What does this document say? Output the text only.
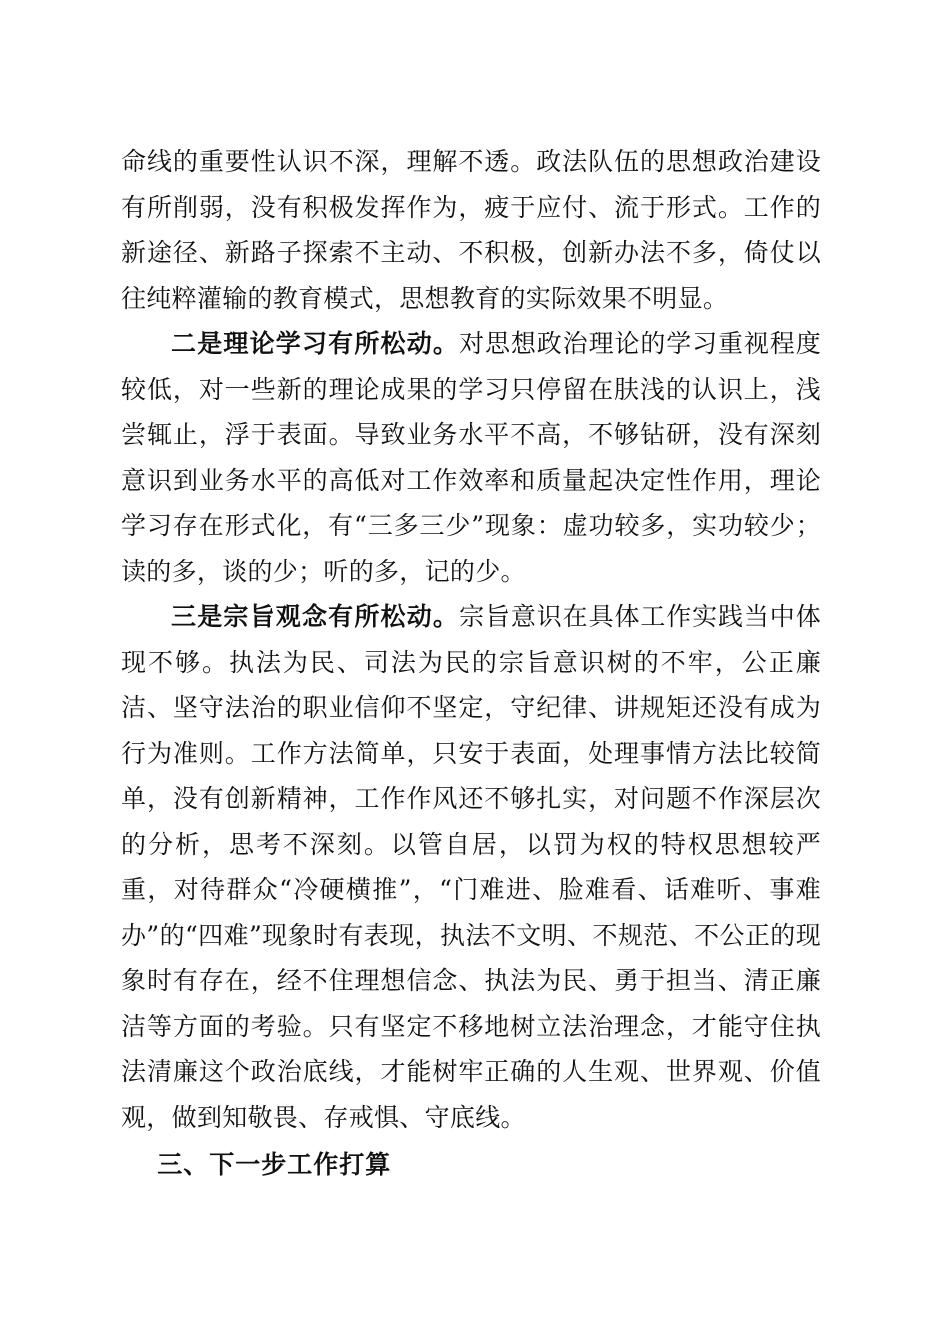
命线的重要性认识不深，理解不透。政法队伍的思想政治建设有所削弱，没有积极发挥作为，疲于应付、流于形式。工作的新途径、新路子探索不主动、不积极，创新办法不多，倚仗以往纯粹灌输的教育模式，思想教育的实际效果不明显。

二是理论学习有所松动。对思想政治理论的学习重视程度较低，对一些新的理论成果的学习只停留在肤浅的认识上，浅尝辄止，浮于表面。导致业务水平不高，不够钻研，没有深刻意识到业务水平的高低对工作效率和质量起决定性作用，理论学习存在形式化，有“三多三少”现象：虚功较多，实功较少；读的多，谈的少；听的多，记的少。

三是宗旨观念有所松动。宗旨意识在具体工作实践当中体现不够。执法为民、司法为民的宗旨意识树的不牢，公正廉洁、坚守法治的职业信仰不坚定，守纪律、讲规矩还没有成为行为准则。工作方法简单，只安于表面，处理事情方法比较简单，没有创新精神，工作作风还不够扎实，对问题不作深层次的分析，思考不深刻。以管自居，以罚为权的特权思想较严重，对待群众“冷硬横推”，“门难进、脸难看、话难听、事难办”的“四难”现象时有表现，执法不文明、不规范、不公正的现象时有存在，经不住理想信念、执法为民、勇于担当、清正廉洁等方面的考验。只有坚定不移地树立法治理念，才能守住执法清廉这个政治底线，才能树牢正确的人生观、世界观、价值观，做到知敬畏、存戒惧、守底线。

三、下一步工作打算
